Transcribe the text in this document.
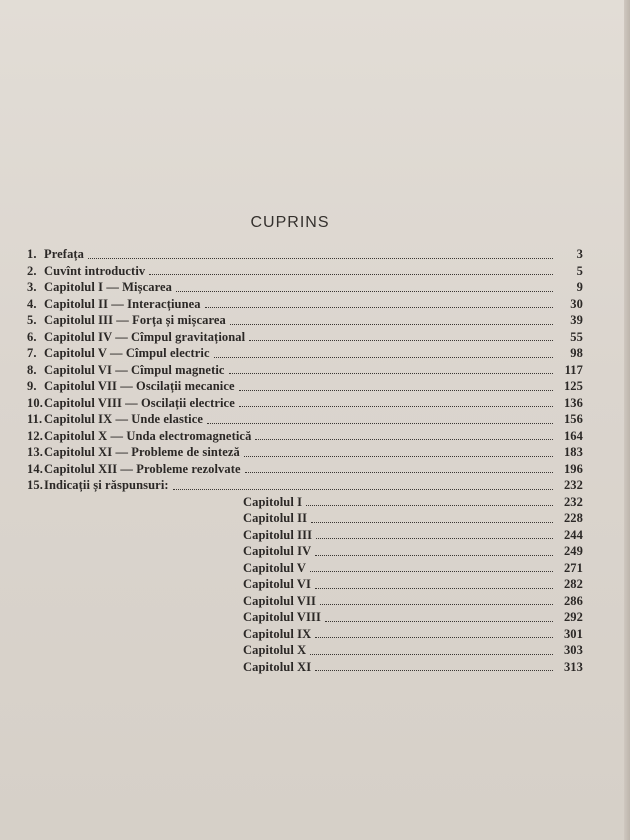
CUPRINS
1. Prefața	3
2. Cuvînt introductiv	5
3. Capitolul I — Mișcarea	9
4. Capitolul II — Interacțiunea	30
5. Capitolul III — Forța și mișcarea	39
6. Capitolul IV — Cîmpul gravitațional	55
7. Capitolul V — Cîmpul electric	98
8. Capitolul VI — Cîmpul magnetic	117
9. Capitolul VII — Oscilații mecanice	125
10. Capitolul VIII — Oscilații electrice	136
11. Capitolul IX — Unde elastice	156
12. Capitolul X — Unda electromagnetică	164
13. Capitolul XI — Probleme de sinteză	183
14. Capitolul XII — Probleme rezolvate	196
15. Indicații și răspunsuri:	232
Capitolul I	232
Capitolul II	228
Capitolul III	244
Capitolul IV	249
Capitolul V	271
Capitolul VI	282
Capitolul VII	286
Capitolul VIII	292
Capitolul IX	301
Capitolul X	303
Capitolul XI	313
